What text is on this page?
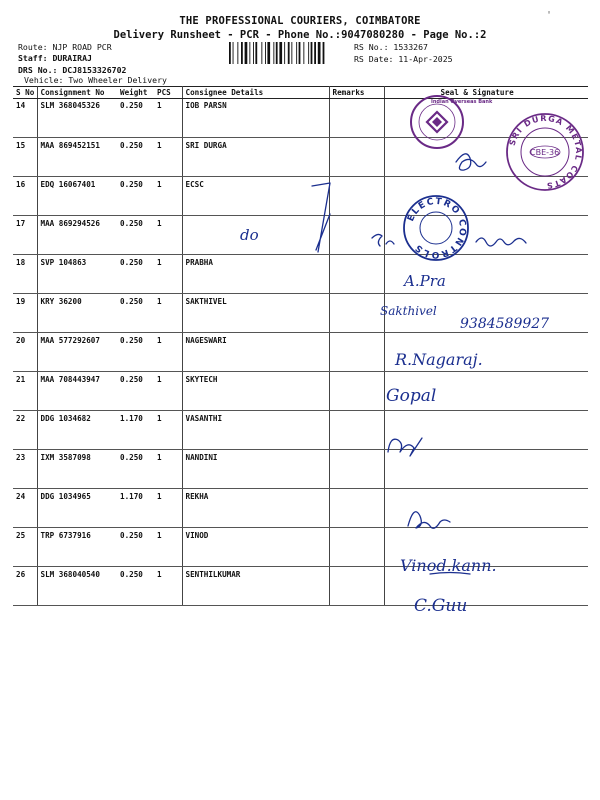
THE PROFESSIONAL COURIERS, COIMBATORE
Delivery Runsheet - PCR - Phone No.:9047080280 - Page No.:2
Route: NJP ROAD PCR
Staff: DURAIRAJ
DRS No.: DCJ8153326702
Vehicle: Two Wheeler Delivery
RS No.: 1533267
RS Date: 11-Apr-2025
S No	Consignment No	Weight	PCS	Consignee Details	Remarks	Seal & Signature
14	SLM 368045326	0.250	1	IOB PARSN		
15	MAA 869452151	0.250	1	SRI DURGA		
16	EDQ 16067401	0.250	1	ECSC		
17	MAA 869294526	0.250	1			
18	SVP 104863	0.250	1	PRABHA		
19	KRY 36200	0.250	1	SAKTHIVEL		
20	MAA 577292607	0.250	1	NAGESWARI		
21	MAA 708443947	0.250	1	SKYTECH		
22	DDG 1034682	1.170	1	VASANTHI		
23	IXM 3587098	0.250	1	NANDINI		
24	DDG 1034965	1.170	1	REKHA		
25	TRP 6737916	0.250	1	VINOD		
26	SLM 368040540	0.250	1	SENTHILKUMAR		
Indian Overseas Bank
SRI DURGA METAL COATS
CBE-36
ELECTRO CONTROLS
do
A.Pra
Sakthivel
9384589927
R.Nagaraj.
Gopal
Vinod.kann.
C.Guu
'
